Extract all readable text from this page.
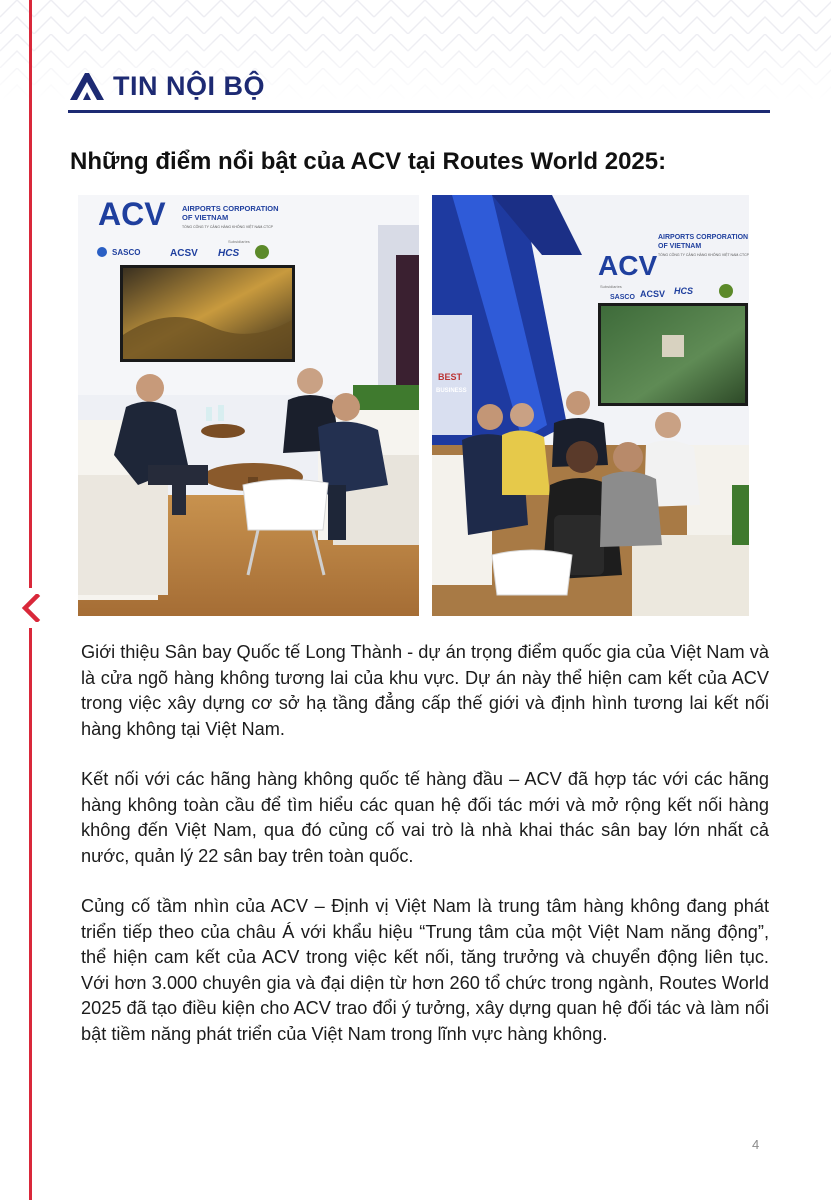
TIN NỘI BỘ
Những điểm nổi bật của ACV tại Routes World 2025:
ACV AIRPORTS CORPORATION
OF VIETNAM
TỔNG CÔNG TY CẢNG HÀNG KHÔNG VIỆT NAM-CTCP
Subsidiaries
SASCO	ACSV HCS
BEST
BUSINESS
ACV
AIRPORTS CORPORATION
OF VIETNAM
TỔNG CÔNG TY CẢNG HÀNG KHÔNG VIỆT NAM-CTCP
Subsidiaries
SASCO ACSV HCS

Giới thiệu Sân bay Quốc tế Long Thành - dự án trọng điểm quốc gia của Việt Nam và là cửa ngõ hàng không tương lai của khu vực. Dự án này thể hiện cam kết của ACV trong việc xây dựng cơ sở hạ tầng đẳng cấp thế giới và định hình tương lai kết nối hàng không tại Việt Nam.

Kết nối với các hãng hàng không quốc tế hàng đầu – ACV đã hợp tác với các hãng hàng không toàn cầu để tìm hiểu các quan hệ đối tác mới và mở rộng kết nối hàng không đến Việt Nam, qua đó củng cố vai trò là nhà khai thác sân bay lớn nhất cả nước, quản lý 22 sân bay trên toàn quốc.

Củng cố tầm nhìn của ACV – Định vị Việt Nam là trung tâm hàng không đang phát triển tiếp theo của châu Á với khẩu hiệu “Trung tâm của một Việt Nam năng động”, thể hiện cam kết của ACV trong việc kết nối, tăng trưởng và chuyển động liên tục. Với hơn 3.000 chuyên gia và đại diện từ hơn 260 tổ chức trong ngành, Routes World 2025 đã tạo điều kiện cho ACV trao đổi ý tưởng, xây dựng quan hệ đối tác và làm nổi bật tiềm năng phát triển của Việt Nam trong lĩnh vực hàng không.

4
